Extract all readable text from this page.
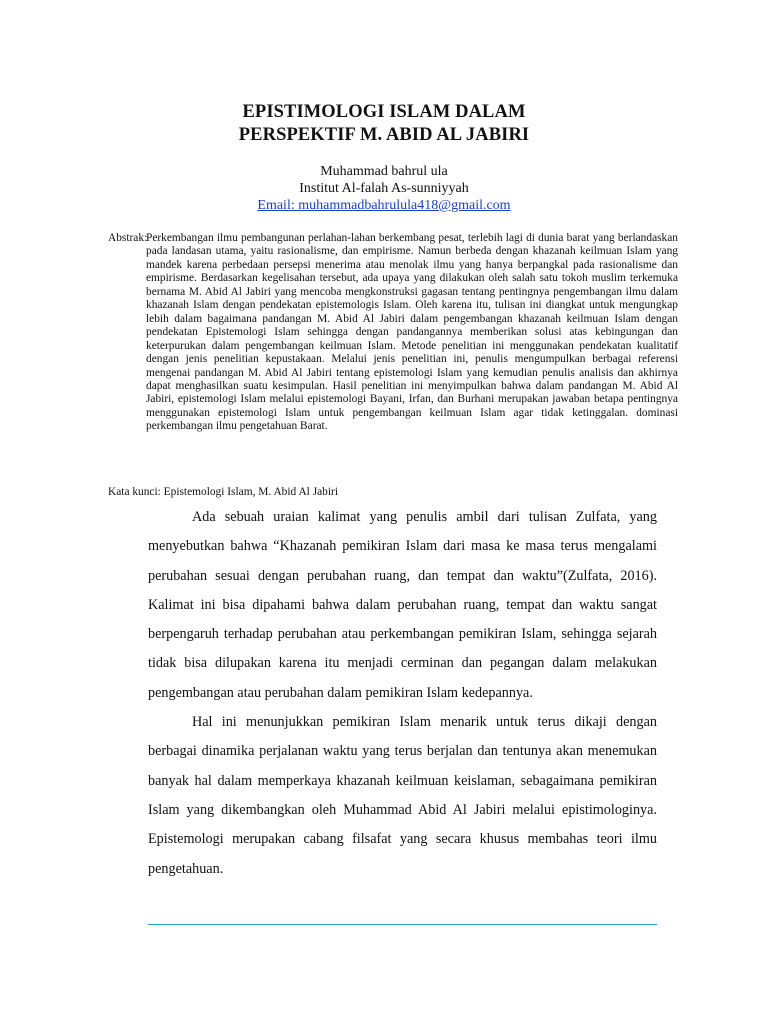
EPISTIMOLOGI ISLAM DALAM
PERSPEKTIF M. ABID AL JABIRI
Muhammad bahrul ula
Institut Al-falah As-sunniyyah
Email: muhammadbahrulula418@gmail.com
Abstrak:
Perkembangan ilmu pembangunan perlahan-lahan berkembang pesat, terlebih lagi di dunia barat yang berlandaskan pada landasan utama, yaitu rasionalisme, dan empirisme. Namun berbeda dengan khazanah keilmuan Islam yang mandek karena perbedaan persepsi menerima atau menolak ilmu yang hanya berpangkal pada rasionalisme dan empirisme. Berdasarkan kegelisahan tersebut, ada upaya yang dilakukan oleh salah satu tokoh muslim terkemuka bernama M. Abid Al Jabiri yang mencoba mengkonstruksi gagasan tentang pentingnya pengembangan ilmu dalam khazanah Islam dengan pendekatan epistemologis Islam. Oleh karena itu, tulisan ini diangkat untuk mengungkap lebih dalam bagaimana pandangan M. Abid Al Jabiri dalam pengembangan khazanah keilmuan Islam dengan pendekatan Epistemologi Islam sehingga dengan pandangannya memberikan solusi atas kebingungan dan keterpurukan dalam pengembangan keilmuan Islam. Metode penelitian ini menggunakan pendekatan kualitatif dengan jenis penelitian kepustakaan. Melalui jenis penelitian ini, penulis mengumpulkan berbagai referensi mengenai pandangan M. Abid Al Jabiri tentang epistemologi Islam yang kemudian penulis analisis dan akhirnya dapat menghasilkan suatu kesimpulan. Hasil penelitian ini menyimpulkan bahwa dalam pandangan M. Abid Al Jabiri, epistemologi Islam melalui epistemologi Bayani, Irfan, dan Burhani merupakan jawaban betapa pentingnya menggunakan epistemologi Islam untuk pengembangan keilmuan Islam agar tidak ketinggalan. dominasi perkembangan ilmu pengetahuan Barat.
Kata kunci: Epistemologi Islam, M. Abid Al Jabiri

Ada sebuah uraian kalimat yang penulis ambil dari tulisan Zulfata, yang menyebutkan bahwa “Khazanah pemikiran Islam dari masa ke masa terus mengalami perubahan sesuai dengan perubahan ruang, dan tempat dan waktu”(Zulfata, 2016). Kalimat ini bisa dipahami bahwa dalam perubahan ruang, tempat dan waktu sangat berpengaruh terhadap perubahan atau perkembangan pemikiran Islam, sehingga sejarah tidak bisa dilupakan karena itu menjadi cerminan dan pegangan dalam melakukan pengembangan atau perubahan dalam pemikiran Islam kedepannya.

Hal ini menunjukkan pemikiran Islam menarik untuk terus dikaji dengan berbagai dinamika perjalanan waktu yang terus berjalan dan tentunya akan menemukan banyak hal dalam memperkaya khazanah keilmuan keislaman, sebagaimana pemikiran Islam yang dikembangkan oleh Muhammad Abid Al Jabiri melalui epistimologinya. Epistemologi merupakan cabang filsafat yang secara khusus membahas teori ilmu pengetahuan.
